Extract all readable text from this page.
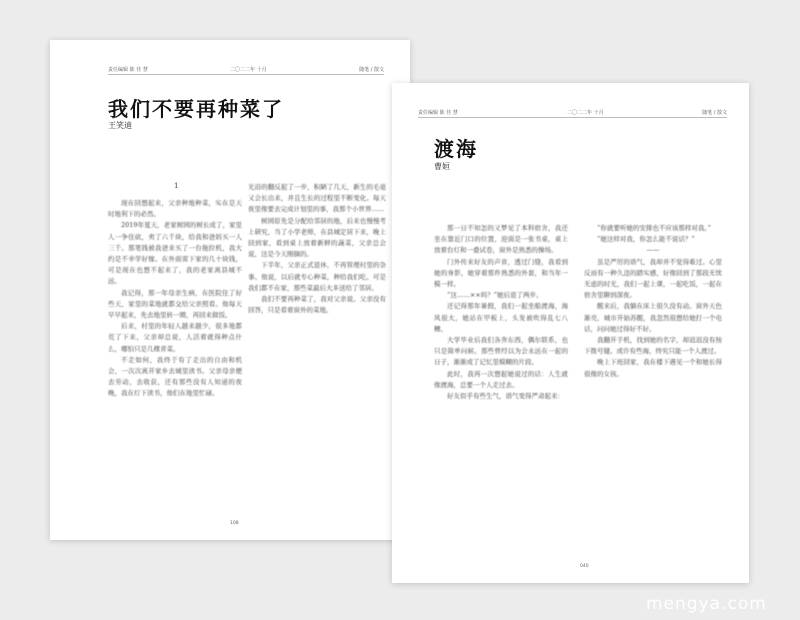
责任编辑 陈 佳 慧	二〇二二年 十月	随笔 / 散文
我们不要再种菜了
王笑迪
1

现在回想起来，父亲种地种菜，实在是天时地利下的必然。

2019年夏天，老家树园的树长成了，家里人一争住砍，卖了六千块，给我和爸妈买一人三千。那笔钱被我爸来买了一台拖拉机，我大约是不幸学好嫁。在外面雷下家的几十块钱，可是现在也想不起来了，我的老家离县城不远。

我记得，那一年母亲生病，在医院住了好些天，家里的菜地就都交给父亲照看。他每天早早起来，先去地里转一圈，再回来做饭。

后来，村里的年轻人越来越少，很多地都荒了下来，父亲却总说，人活着就得种点什么，哪怕只是几棵青菜。

不走如何，我终于有了走出的自由和机会，一次次离开家乡去城里读书。父亲母亲便去劳动，去收获，还有那些没有人知道的夜晚，我在灯下读书，他们在地里忙碌。

光沿的翻反起了一步，积陋了几天，新生的毛毫又会长出来，并且生长的过程里不断变化。每天夜里像要去完成计划里的事，我那个小世界……

树园原先是分配给邻居的地，后来也慢慢考上研究，当了小学老师，在县城定居下来，晚上回到家，看到桌上放着新鲜的蔬菜，父亲总会说，这是今天刚摘的。

下半年，父亲正式退休，不再管理村里的杂事。他说，以后就专心种菜，种给我们吃。可是我们都不在家，那些菜最后大多送给了邻居。

我们不要再种菜了，我对父亲说。父亲没有回答，只是看着窗外的菜地。

108
责任编辑 陈 佳 慧	二〇二二年 十月	随笔 / 散文
渡海
曹姮

那一日不知怎的又梦见了本科宿舍，我还坐在靠近门口的位置，迎面是一张书桌，桌上放着台灯和一叠试卷，窗外是熟悉的操场。

门外传来好友的声音，透过门缝，我看到她的身影，她穿着那件熟悉的外套，和当年一模一样。

“这……××吗？”她后退了两步。

还记得那年暑假，我们一起坐船渡海，海风很大，她站在甲板上，头发被吹得乱七八糟。

大学毕业后我们各奔东西，偶尔联系，也只是简单问候。那些曾经以为会永远在一起的日子，渐渐成了记忆里模糊的片段。

此时，我再一次想起她说过的话：人生就像渡海，总要一个人走过去。

好友似乎有些生气，语气变得严肃起来：

“你就要听她的安排也不应该那样对我。”

“她这样对我，你怎么能不说话？”

——

虽是严厉的语气，我却并不觉得难过。心里反而有一种久违的踏实感，好像回到了那段无忧无虑的时光，我们一起上课，一起吃饭，一起在宿舍里聊到深夜。

醒来后，我躺在床上很久没有动。窗外天色渐亮，城市开始苏醒，我忽然很想给她打一个电话，问问她过得好不好。

我翻开手机，找到她的名字，却迟迟没有按下拨号键。或许有些海，终究只能一个人渡过。

晚上下班回家，我在楼下遇见一个和她长得很像的女孩。

040
mengya.com
